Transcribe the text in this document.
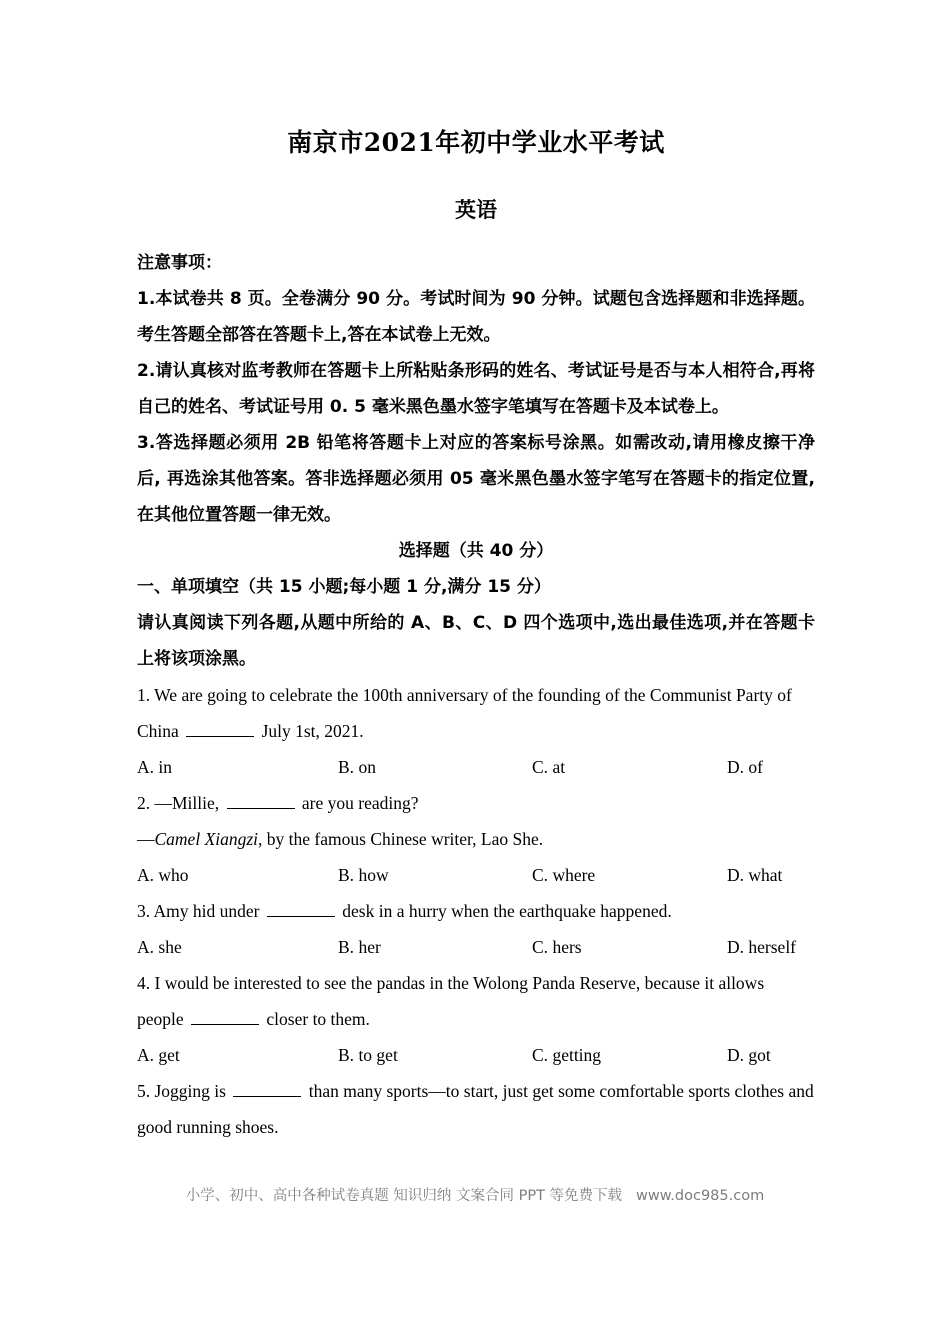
南京市2021年初中学业水平考试
英语

注意事项：

1.本试卷共 8 页。全卷满分 90 分。考试时间为 90 分钟。试题包含选择题和非选择题。考生答题全部答在答题卡上,答在本试卷上无效。

2.请认真核对监考教师在答题卡上所粘贴条形码的姓名、考试证号是否与本人相符合,再将 自己的姓名、考试证号用 0. 5 毫米黑色墨水签字笔填写在答题卡及本试卷上。

3.答选择题必须用 2B 铅笔将答题卡上对应的答案标号涂黑。如需改动,请用橡皮擦干净后, 再选涂其他答案。答非选择题必须用 05 毫米黑色墨水签字笔写在答题卡的指定位置,在其他位置答题一律无效。

选择题（共 40 分）

一、单项填空（共 15 小题;每小题 1 分,满分 15 分）

请认真阅读下列各题,从题中所给的 A、B、C、D 四个选项中,选出最佳选项,并在答题卡上将该项涂黑。

1. We are going to celebrate the 100th anniversary of the founding of the Communist Party of China	July 1st, 2021.

A. in	B. on	C. at	D. of

2. —Millie,	are you reading?

—Camel Xiangzi, by the famous Chinese writer, Lao She.

A. who	B. how	C. where	D. what

3. Amy hid under	desk in a hurry when the earthquake happened.

A. she	B. her	C. hers	D. herself

4. I would be interested to see the pandas in the Wolong Panda Reserve, because it allows people	closer to them.

A. get	B. to get	C. getting	D. got

5. Jogging is	than many sports—to start, just get some comfortable sports clothes and good running shoes.

小学、初中、高中各种试卷真题 知识归纳 文案合同 PPT 等免费下载 www.doc985.com
